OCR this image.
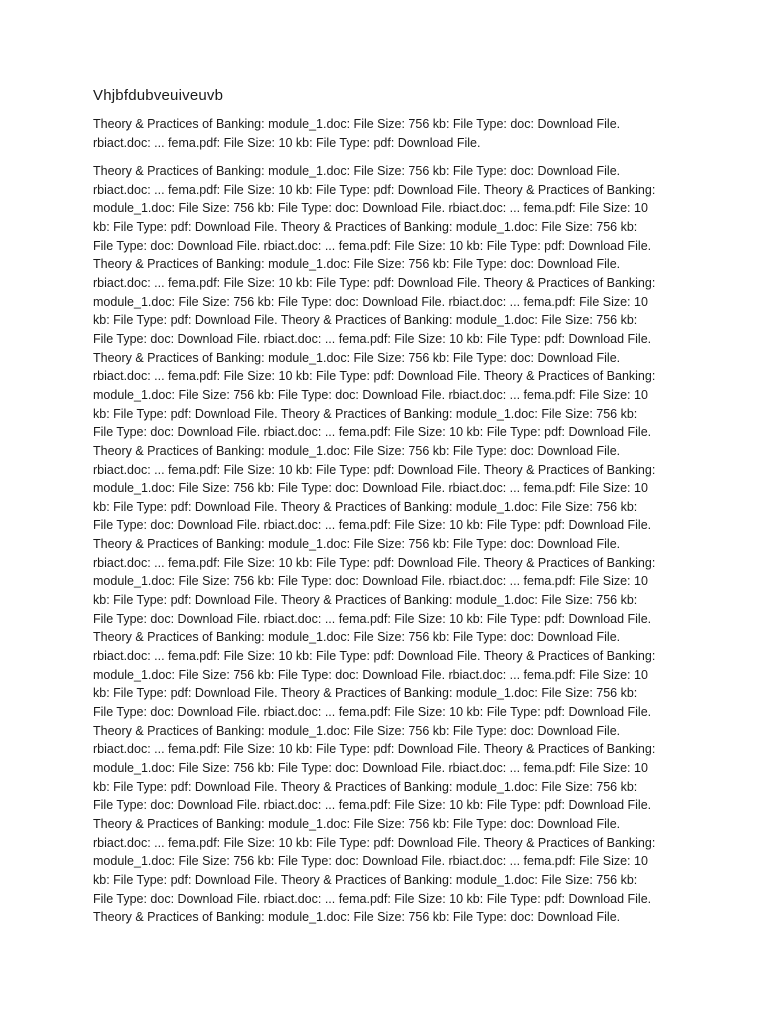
Vhjbfdubveuiveuvb
Theory & Practices of Banking: module_1.doc: File Size: 756 kb: File Type: doc: Download File.
rbiact.doc: ... fema.pdf: File Size: 10 kb: File Type: pdf: Download File.
Theory & Practices of Banking: module_1.doc: File Size: 756 kb: File Type: doc: Download File.
rbiact.doc: ... fema.pdf: File Size: 10 kb: File Type: pdf: Download File. Theory & Practices of Banking:
module_1.doc: File Size: 756 kb: File Type: doc: Download File. rbiact.doc: ... fema.pdf: File Size: 10
kb: File Type: pdf: Download File. Theory & Practices of Banking: module_1.doc: File Size: 756 kb:
File Type: doc: Download File. rbiact.doc: ... fema.pdf: File Size: 10 kb: File Type: pdf: Download File.
Theory & Practices of Banking: module_1.doc: File Size: 756 kb: File Type: doc: Download File.
rbiact.doc: ... fema.pdf: File Size: 10 kb: File Type: pdf: Download File. Theory & Practices of Banking:
module_1.doc: File Size: 756 kb: File Type: doc: Download File. rbiact.doc: ... fema.pdf: File Size: 10
kb: File Type: pdf: Download File. Theory & Practices of Banking: module_1.doc: File Size: 756 kb:
File Type: doc: Download File. rbiact.doc: ... fema.pdf: File Size: 10 kb: File Type: pdf: Download File.
Theory & Practices of Banking: module_1.doc: File Size: 756 kb: File Type: doc: Download File.
rbiact.doc: ... fema.pdf: File Size: 10 kb: File Type: pdf: Download File. Theory & Practices of Banking:
module_1.doc: File Size: 756 kb: File Type: doc: Download File. rbiact.doc: ... fema.pdf: File Size: 10
kb: File Type: pdf: Download File. Theory & Practices of Banking: module_1.doc: File Size: 756 kb:
File Type: doc: Download File. rbiact.doc: ... fema.pdf: File Size: 10 kb: File Type: pdf: Download File.
Theory & Practices of Banking: module_1.doc: File Size: 756 kb: File Type: doc: Download File.
rbiact.doc: ... fema.pdf: File Size: 10 kb: File Type: pdf: Download File. Theory & Practices of Banking:
module_1.doc: File Size: 756 kb: File Type: doc: Download File. rbiact.doc: ... fema.pdf: File Size: 10
kb: File Type: pdf: Download File. Theory & Practices of Banking: module_1.doc: File Size: 756 kb:
File Type: doc: Download File. rbiact.doc: ... fema.pdf: File Size: 10 kb: File Type: pdf: Download File.
Theory & Practices of Banking: module_1.doc: File Size: 756 kb: File Type: doc: Download File.
rbiact.doc: ... fema.pdf: File Size: 10 kb: File Type: pdf: Download File. Theory & Practices of Banking:
module_1.doc: File Size: 756 kb: File Type: doc: Download File. rbiact.doc: ... fema.pdf: File Size: 10
kb: File Type: pdf: Download File. Theory & Practices of Banking: module_1.doc: File Size: 756 kb:
File Type: doc: Download File. rbiact.doc: ... fema.pdf: File Size: 10 kb: File Type: pdf: Download File.
Theory & Practices of Banking: module_1.doc: File Size: 756 kb: File Type: doc: Download File.
rbiact.doc: ... fema.pdf: File Size: 10 kb: File Type: pdf: Download File. Theory & Practices of Banking:
module_1.doc: File Size: 756 kb: File Type: doc: Download File. rbiact.doc: ... fema.pdf: File Size: 10
kb: File Type: pdf: Download File. Theory & Practices of Banking: module_1.doc: File Size: 756 kb:
File Type: doc: Download File. rbiact.doc: ... fema.pdf: File Size: 10 kb: File Type: pdf: Download File.
Theory & Practices of Banking: module_1.doc: File Size: 756 kb: File Type: doc: Download File.
rbiact.doc: ... fema.pdf: File Size: 10 kb: File Type: pdf: Download File. Theory & Practices of Banking:
module_1.doc: File Size: 756 kb: File Type: doc: Download File. rbiact.doc: ... fema.pdf: File Size: 10
kb: File Type: pdf: Download File. Theory & Practices of Banking: module_1.doc: File Size: 756 kb:
File Type: doc: Download File. rbiact.doc: ... fema.pdf: File Size: 10 kb: File Type: pdf: Download File.
Theory & Practices of Banking: module_1.doc: File Size: 756 kb: File Type: doc: Download File.
rbiact.doc: ... fema.pdf: File Size: 10 kb: File Type: pdf: Download File. Theory & Practices of Banking:
module_1.doc: File Size: 756 kb: File Type: doc: Download File. rbiact.doc: ... fema.pdf: File Size: 10
kb: File Type: pdf: Download File. Theory & Practices of Banking: module_1.doc: File Size: 756 kb:
File Type: doc: Download File. rbiact.doc: ... fema.pdf: File Size: 10 kb: File Type: pdf: Download File.
Theory & Practices of Banking: module_1.doc: File Size: 756 kb: File Type: doc: Download File.
